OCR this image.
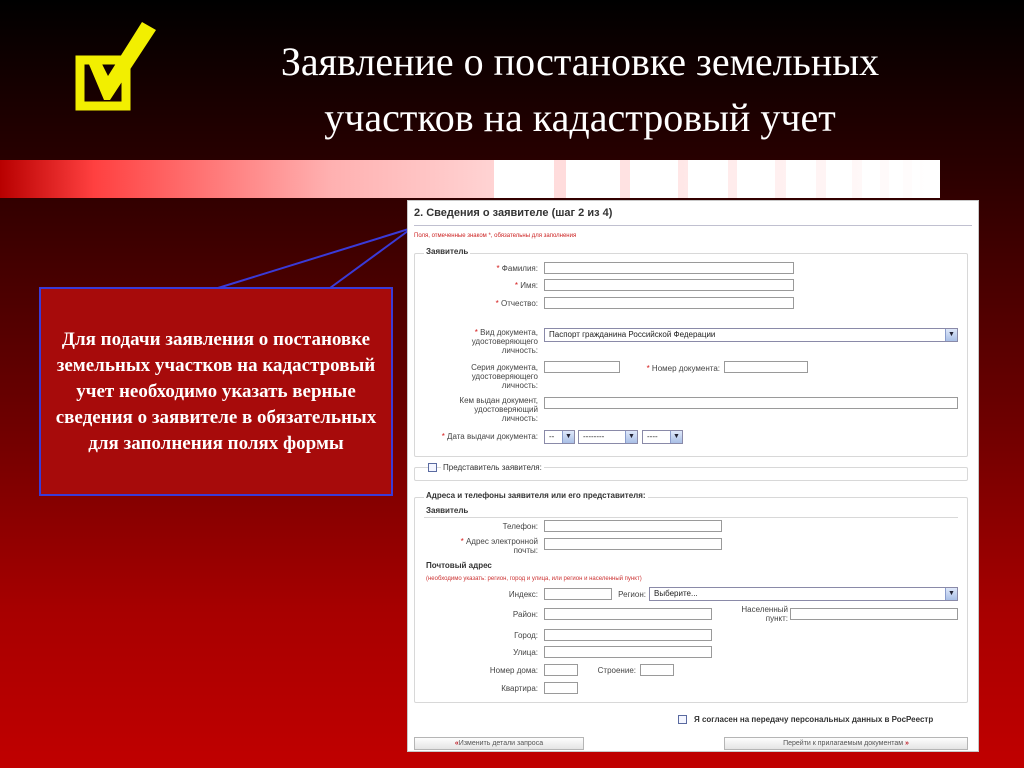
Заявление о постановке земельных
участков на кадастровый учет
Для подачи заявления о постановке земельных участков на кадастровый учет необходимо указать верные сведения о заявителе в обязательных для заполнения полях формы
2. Сведения о заявителе (шаг 2 из 4)
Поля, отмеченные знаком *, обязательны для заполнения
Заявитель
* Фамилия:
* Имя:
* Отчество:
* Вид документа, удостоверяющего личность:
Паспорт гражданина Российской Федерации	▼
Серия документа, удостоверяющего личность:
* Номер документа:
Кем выдан документ, удостоверяющий личность:
* Дата выдачи документа:	--	▼	--------	▼	----	▼
Представитель заявителя:
Адреса и телефоны заявителя или его представителя:
Заявитель
Телефон:
* Адрес электронной почты:
Почтовый адрес
(необходимо указать: регион, город и улица, или регион и населенный пункт)
Индекс:	Регион:	Выберите...	▼
Район:
Населенный пункт:
Город:
Улица:
Номер дома:	Строение:
Квартира:
Я согласен на передачу персональных данных в РосРеестр
«Изменить детали запроса	Перейти к прилагаемым документам »
